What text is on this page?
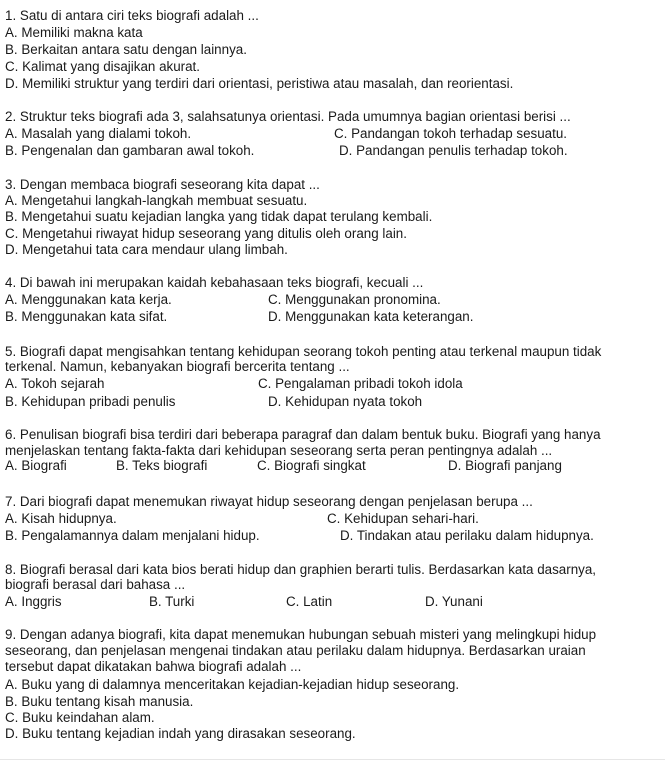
1. Satu di antara ciri teks biografi adalah ...
A. Memiliki makna kata
B. Berkaitan antara satu dengan lainnya.
C. Kalimat yang disajikan akurat.
D. Memiliki struktur yang terdiri dari orientasi, peristiwa atau masalah, dan reorientasi.
2. Struktur teks biografi ada 3, salahsatunya orientasi. Pada umumnya bagian orientasi berisi ...
A. Masalah yang dialami tokoh.	C. Pandangan tokoh terhadap sesuatu.
B. Pengenalan dan gambaran awal tokoh.	D. Pandangan penulis terhadap tokoh.
3. Dengan membaca biografi seseorang kita dapat ...
A. Mengetahui langkah-langkah membuat sesuatu.
B. Mengetahui suatu kejadian langka yang tidak dapat terulang kembali.
C. Mengetahui riwayat hidup seseorang yang ditulis oleh orang lain.
D. Mengetahui tata cara mendaur ulang limbah.
4. Di bawah ini merupakan kaidah kebahasaan teks biografi, kecuali ...
A. Menggunakan kata kerja.	C. Menggunakan pronomina.
B. Menggunakan kata sifat.	D. Menggunakan kata keterangan.
5. Biografi dapat mengisahkan tentang kehidupan seorang tokoh penting atau terkenal maupun tidak
terkenal. Namun, kebanyakan biografi bercerita tentang ...
A. Tokoh sejarah	C. Pengalaman pribadi tokoh idola
B. Kehidupan pribadi penulis	D. Kehidupan nyata tokoh
6. Penulisan biografi bisa terdiri dari beberapa paragraf dan dalam bentuk buku. Biografi yang hanya
menjelaskan tentang fakta-fakta dari kehidupan seseorang serta peran pentingnya adalah ...
A. Biografi	B. Teks biografi	C. Biografi singkat	D. Biografi panjang
7. Dari biografi dapat menemukan riwayat hidup seseorang dengan penjelasan berupa ...
A. Kisah hidupnya.	C. Kehidupan sehari-hari.
B. Pengalamannya dalam menjalani hidup.	D. Tindakan atau perilaku dalam hidupnya.
8. Biografi berasal dari kata bios berati hidup dan graphien berarti tulis. Berdasarkan kata dasarnya,
biografi berasal dari bahasa ...
A. Inggris	B. Turki	C. Latin	D. Yunani
9. Dengan adanya biografi, kita dapat menemukan hubungan sebuah misteri yang melingkupi hidup
seseorang, dan penjelasan mengenai tindakan atau perilaku dalam hidupnya. Berdasarkan uraian
tersebut dapat dikatakan bahwa biografi adalah ...
A. Buku yang di dalamnya menceritakan kejadian-kejadian hidup seseorang.
B. Buku tentang kisah manusia.
C. Buku keindahan alam.
D. Buku tentang kejadian indah yang dirasakan seseorang.
